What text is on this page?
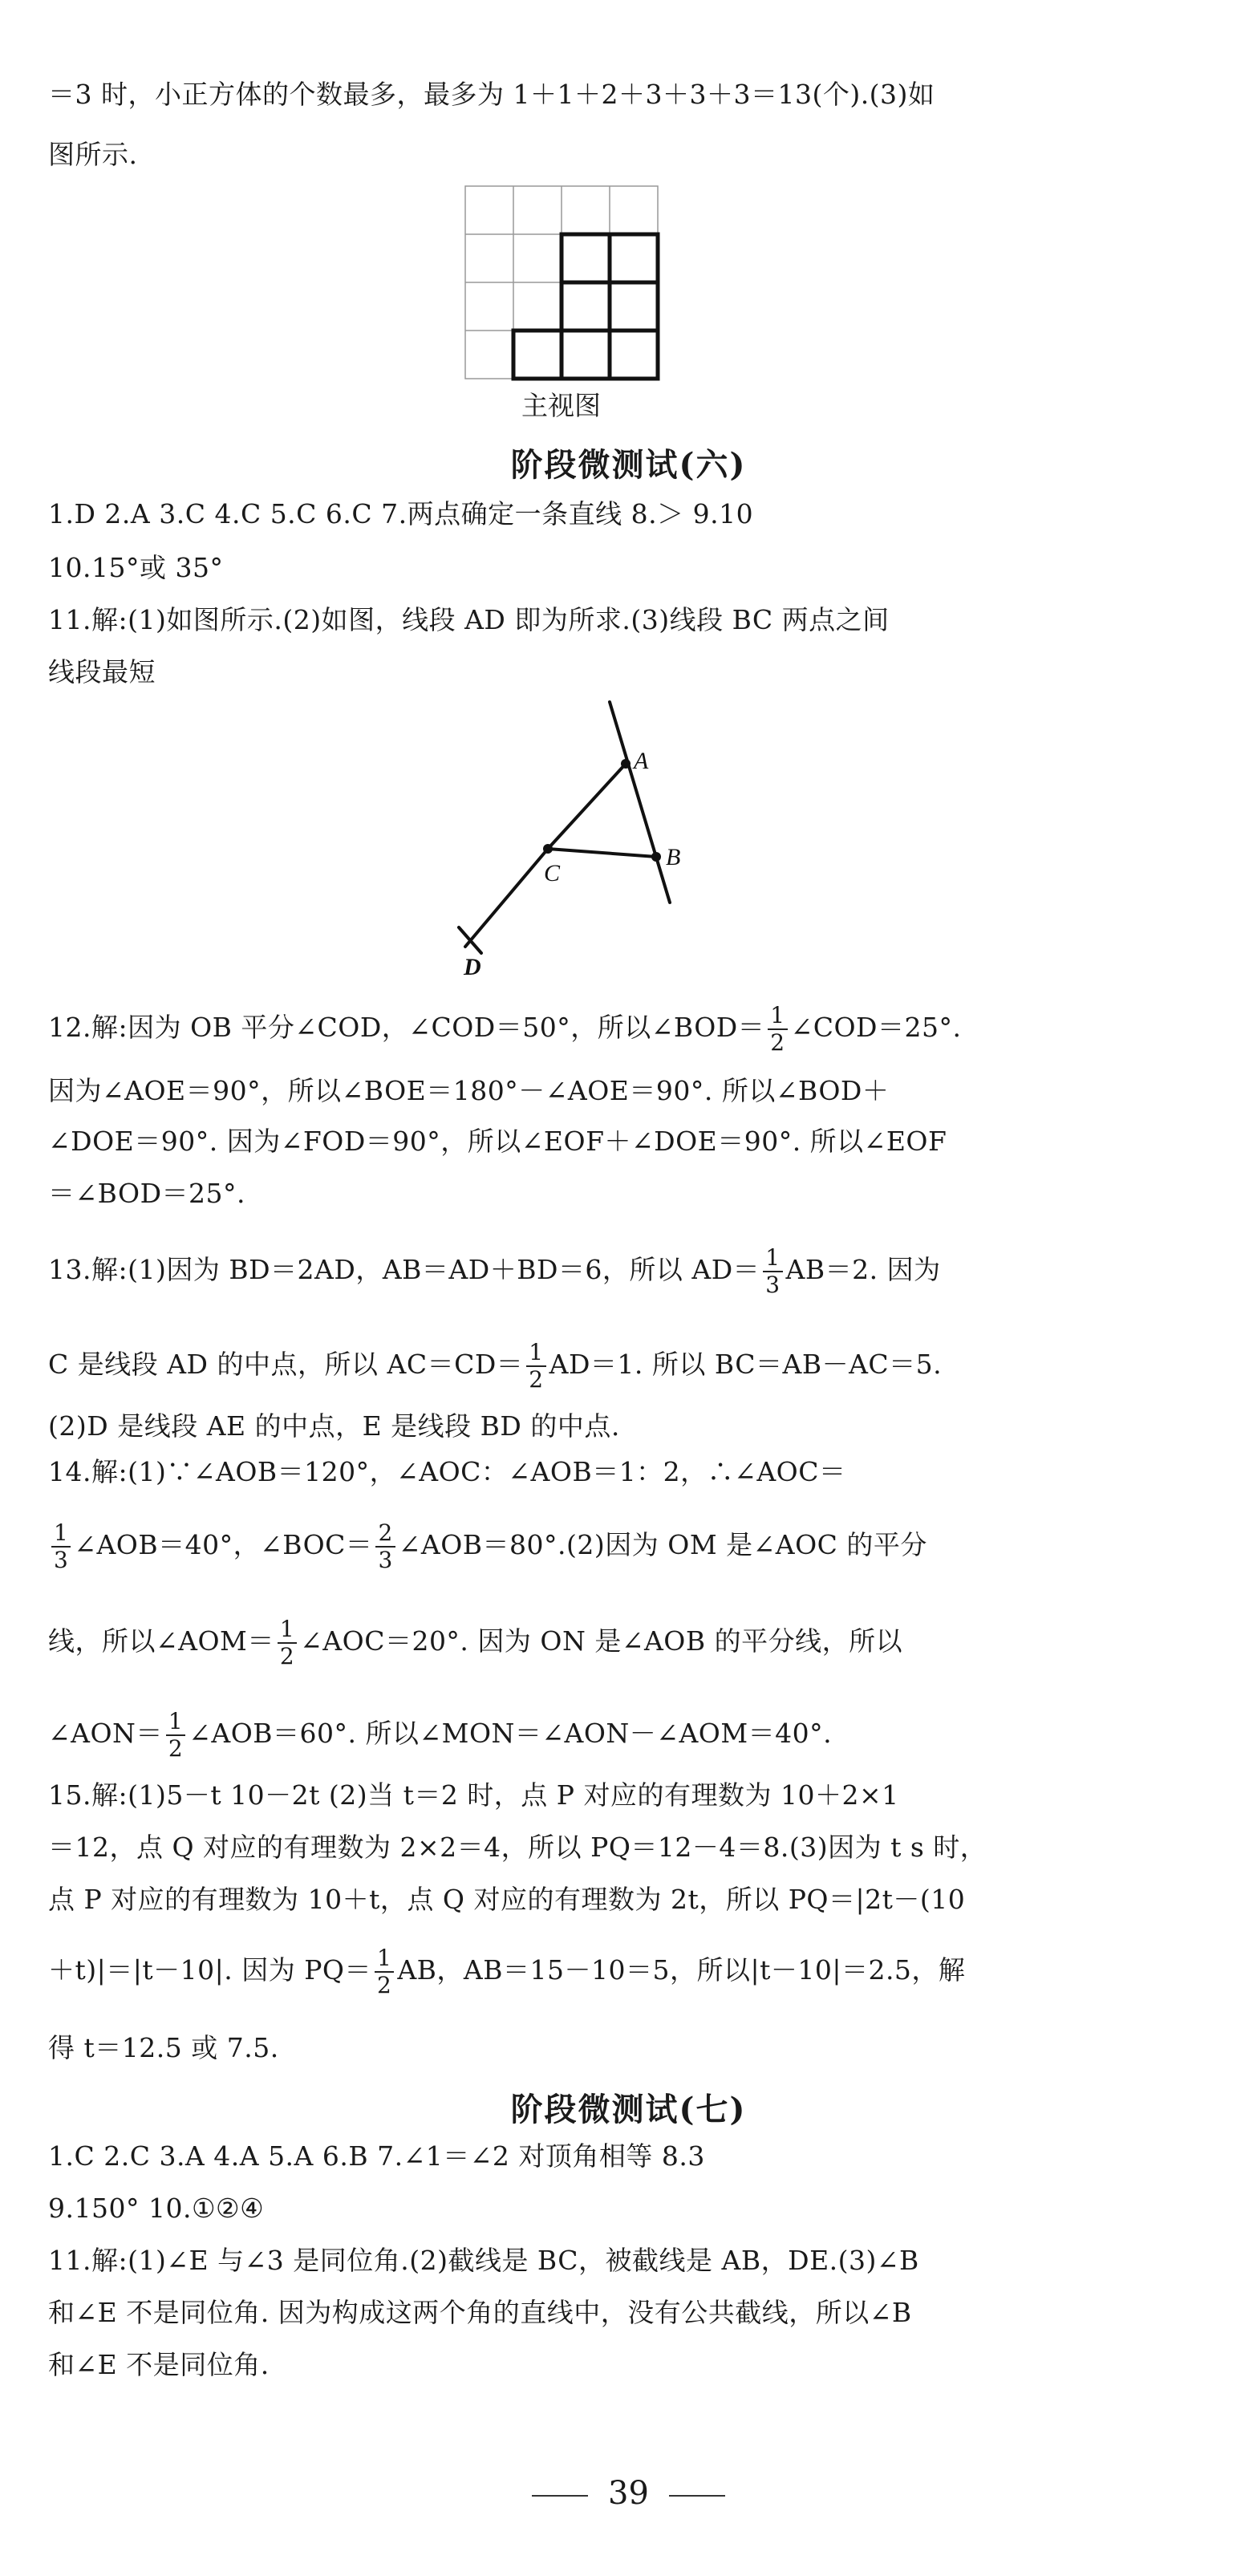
＝3 时，小正方体的个数最多，最多为 1＋1＋2＋3＋3＋3＝13(个).(3)如
图所示.
主视图
阶段微测试(六)
1.D 2.A 3.C 4.C 5.C 6.C 7.两点确定一条直线 8.＞ 9.10
10.15°或 35°
11.解:(1)如图所示.(2)如图，线段 AD 即为所求.(3)线段 BC 两点之间
线段最短
A
B
C
D
12.解:因为 OB 平分∠COD，∠COD＝50°，所以∠BOD＝ $\frac{1}{2}$ ∠COD＝25°.
因为∠AOE＝90°，所以∠BOE＝180°－∠AOE＝90°. 所以∠BOD＋
∠DOE＝90°. 因为∠FOD＝90°，所以∠EOF＋∠DOE＝90°. 所以∠EOF
＝∠BOD＝25°.
13.解:(1)因为 BD＝2AD，AB＝AD＋BD＝6，所以 $AD= \frac{1}{3} AB=2$. 因为
C 是线段 AD 的中点，所以 $AC=CD= \frac{1}{2} AD=1$. 所以 BC＝AB－AC＝5.
(2)D 是线段 AE 的中点，E 是线段 BD 的中点.
14.解:(1)∵∠AOB＝120°，∠AOC：∠AOB＝1：2，∴∠AOC＝
$\frac{1}{3}$ ∠AOB＝40°，∠BOC＝ $\frac{2}{3}$ ∠AOB＝80°.(2)因为 OM 是∠AOC 的平分
线，所以∠AOM＝ $\frac{1}{2}$ ∠AOC＝20°. 因为 ON 是∠AOB 的平分线，所以
∠AON＝ $\frac{1}{2}$ ∠AOB＝60°. 所以∠MON＝∠AON－∠AOM＝40°.
15.解:(1)5－t 10－2t (2)当 t＝2 时，点 P 对应的有理数为 10＋2×1
＝12，点 Q 对应的有理数为 2×2＝4，所以 PQ＝12－4＝8.(3)因为 t s 时，
点 P 对应的有理数为 10＋t，点 Q 对应的有理数为 2t，所以 PQ＝|2t－(10
＋t)|＝|t－10|. 因为 $PQ= \frac{1}{2}$ AB，AB＝15－10＝5，所以|t－10|＝2.5，解
得 t＝12.5 或 7.5.
阶段微测试(七)
1.C 2.C 3.A 4.A 5.A 6.B 7.∠1＝∠2 对顶角相等 8.3
9.150° 10.①②④
11.解:(1)∠E 与∠3 是同位角.(2)截线是 BC，被截线是 AB，DE.(3)∠B
和∠E 不是同位角. 因为构成这两个角的直线中，没有公共截线，所以∠B
和∠E 不是同位角.
39
